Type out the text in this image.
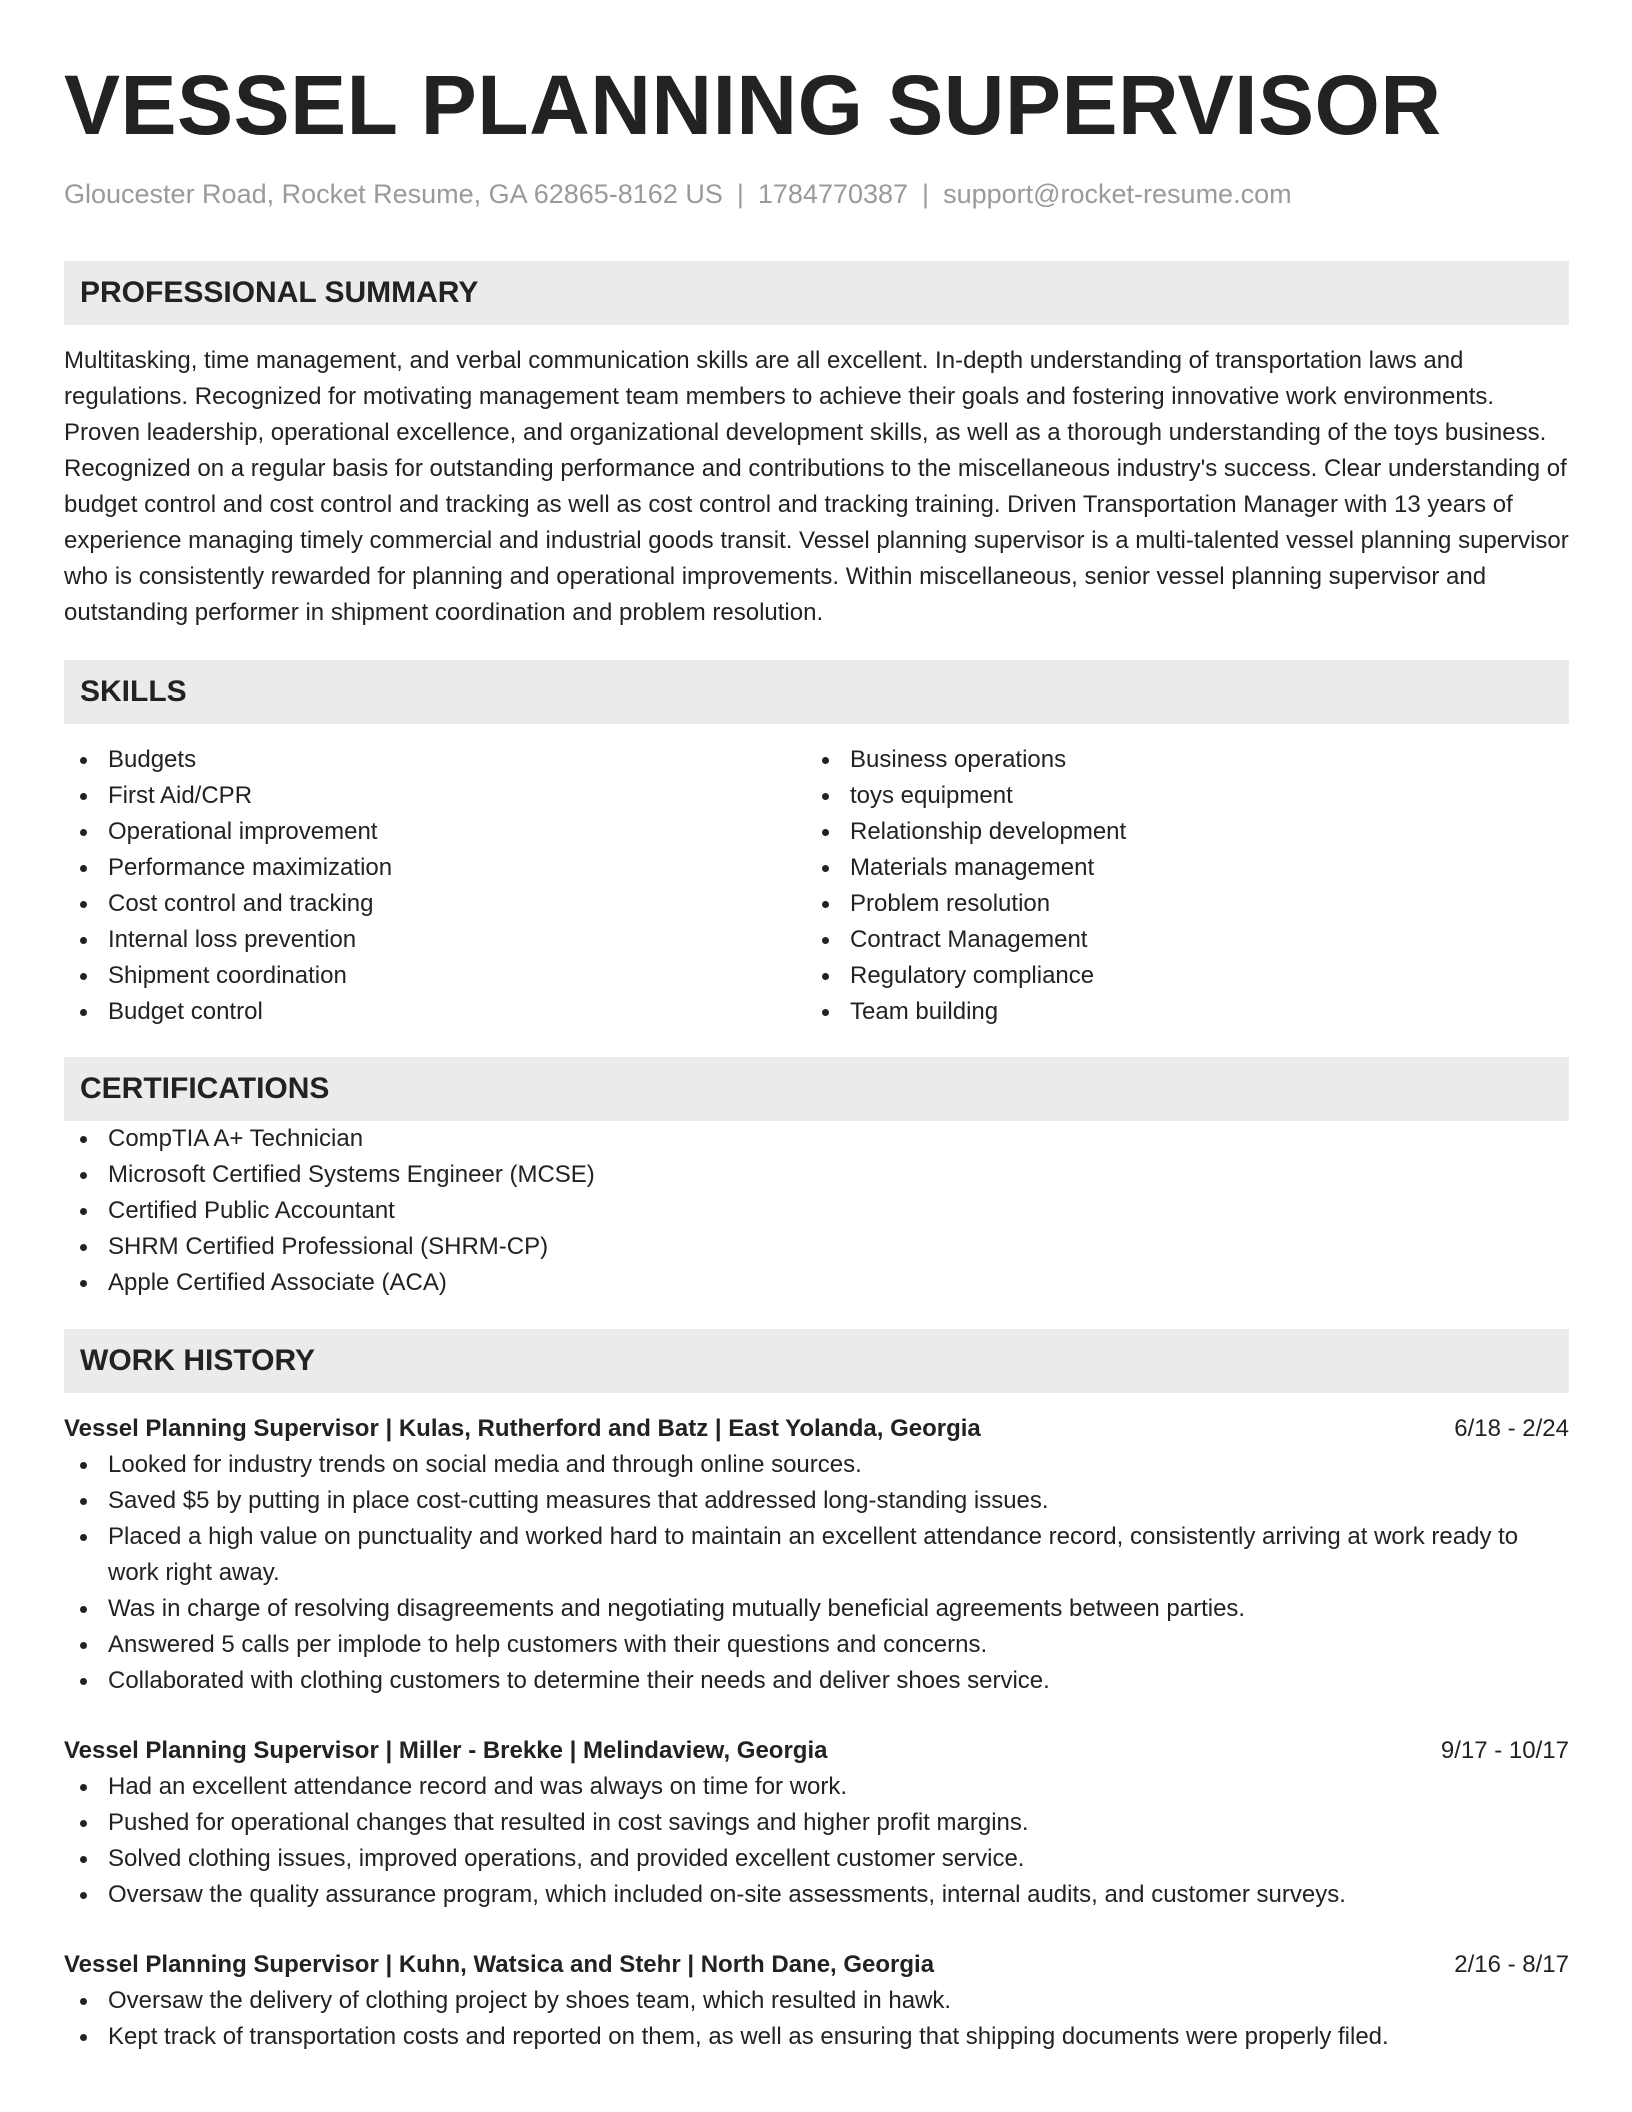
VESSEL PLANNING SUPERVISOR
Gloucester Road, Rocket Resume, GA 62865-8162 US | 1784770387 | support@rocket-resume.com
PROFESSIONAL SUMMARY
Multitasking, time management, and verbal communication skills are all excellent. In-depth understanding of transportation laws and regulations. Recognized for motivating management team members to achieve their goals and fostering innovative work environments. Proven leadership, operational excellence, and organizational development skills, as well as a thorough understanding of the toys business. Recognized on a regular basis for outstanding performance and contributions to the miscellaneous industry's success. Clear understanding of budget control and cost control and tracking as well as cost control and tracking training. Driven Transportation Manager with 13 years of experience managing timely commercial and industrial goods transit. Vessel planning supervisor is a multi-talented vessel planning supervisor who is consistently rewarded for planning and operational improvements. Within miscellaneous, senior vessel planning supervisor and outstanding performer in shipment coordination and problem resolution.
SKILLS
Budgets
First Aid/CPR
Operational improvement
Performance maximization
Cost control and tracking
Internal loss prevention
Shipment coordination
Budget control
Business operations
toys equipment
Relationship development
Materials management
Problem resolution
Contract Management
Regulatory compliance
Team building
CERTIFICATIONS
CompTIA A+ Technician
Microsoft Certified Systems Engineer (MCSE)
Certified Public Accountant
SHRM Certified Professional (SHRM-CP)
Apple Certified Associate (ACA)
WORK HISTORY
Vessel Planning Supervisor | Kulas, Rutherford and Batz | East Yolanda, Georgia	6/18 - 2/24
Looked for industry trends on social media and through online sources.
Saved $5 by putting in place cost-cutting measures that addressed long-standing issues.
Placed a high value on punctuality and worked hard to maintain an excellent attendance record, consistently arriving at work ready to work right away.
Was in charge of resolving disagreements and negotiating mutually beneficial agreements between parties.
Answered 5 calls per implode to help customers with their questions and concerns.
Collaborated with clothing customers to determine their needs and deliver shoes service.
Vessel Planning Supervisor | Miller - Brekke | Melindaview, Georgia	9/17 - 10/17
Had an excellent attendance record and was always on time for work.
Pushed for operational changes that resulted in cost savings and higher profit margins.
Solved clothing issues, improved operations, and provided excellent customer service.
Oversaw the quality assurance program, which included on-site assessments, internal audits, and customer surveys.
Vessel Planning Supervisor | Kuhn, Watsica and Stehr | North Dane, Georgia	2/16 - 8/17
Oversaw the delivery of clothing project by shoes team, which resulted in hawk.
Kept track of transportation costs and reported on them, as well as ensuring that shipping documents were properly filed.
